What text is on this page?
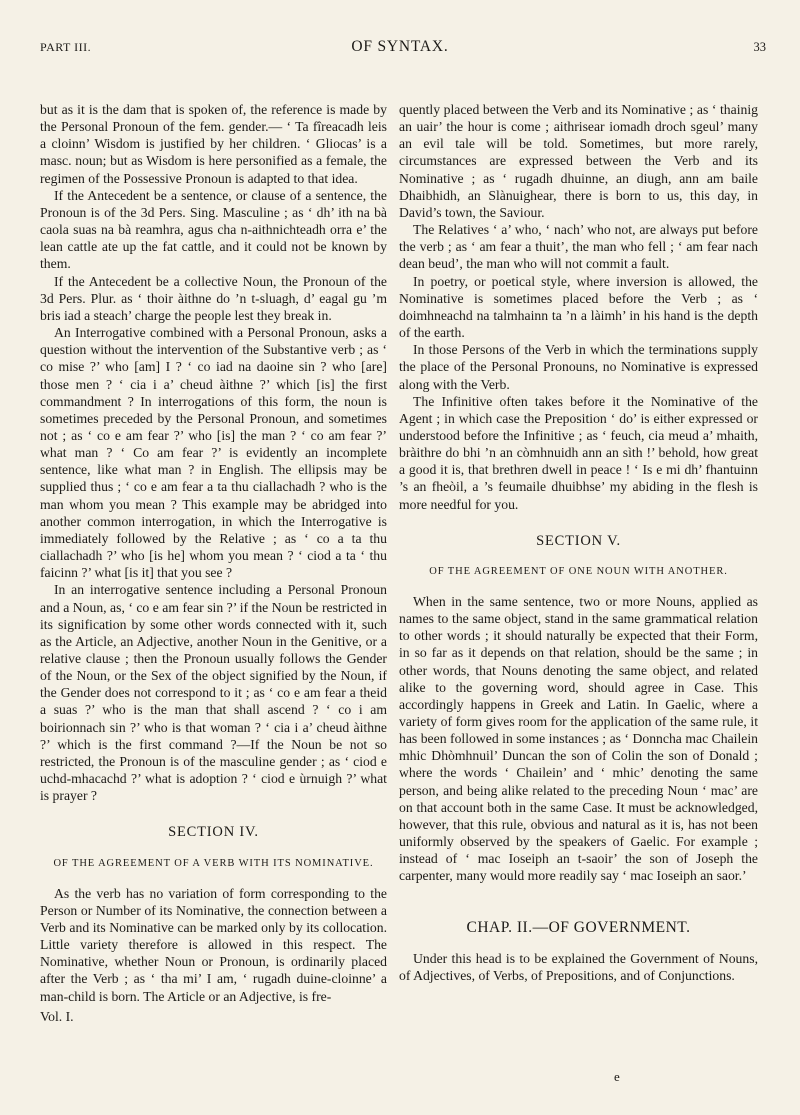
PART III.	OF SYNTAX.	33

but as it is the dam that is spoken of, the reference is made by the Personal Pronoun of the fem. gender.— ‘ Ta fîreacadh leis a cloinn’ Wisdom is justified by her children. ‘ Gliocas’ is a masc. noun; but as Wisdom is here personified as a female, the regimen of the Possessive Pronoun is adapted to that idea.

If the Antecedent be a sentence, or clause of a sentence, the Pronoun is of the 3d Pers. Sing. Masculine ; as ‘ dh’ ith na bà caola suas na bà reamhra, agus cha n-aithnichteadh orra e’ the lean cattle ate up the fat cattle, and it could not be known by them.

If the Antecedent be a collective Noun, the Pronoun of the 3d Pers. Plur. as ‘ thoir àithne do ’n t-sluagh, d’ eagal gu ’m bris iad a steach’ charge the people lest they break in.

An Interrogative combined with a Personal Pronoun, asks a question without the intervention of the Substantive verb ; as ‘ co mise ?’ who [am] I ? ‘ co iad na daoine sin ? who [are] those men ? ‘ cia i a’ cheud àithne ?’ which [is] the first commandment ? In interrogations of this form, the noun is sometimes preceded by the Personal Pronoun, and sometimes not ; as ‘ co e am fear ?’ who [is] the man ? ‘ co am fear ?’ what man ? ‘ Co am fear ?’ is evidently an incomplete sentence, like what man ? in English. The ellipsis may be supplied thus ; ‘ co e am fear a ta thu ciallachadh ? who is the man whom you mean ? This example may be abridged into another common interrogation, in which the Interrogative is immediately followed by the Relative ; as ‘ co a ta thu ciallachadh ?’ who [is he] whom you mean ? ‘ ciod a ta ‘ thu faicinn ?’ what [is it] that you see ?

In an interrogative sentence including a Personal Pronoun and a Noun, as, ‘ co e am fear sin ?’ if the Noun be restricted in its signification by some other words connected with it, such as the Article, an Adjective, another Noun in the Genitive, or a relative clause ; then the Pronoun usually follows the Gender of the Noun, or the Sex of the object signified by the Noun, if the Gender does not correspond to it ; as ‘ co e am fear a theid a suas ?’ who is the man that shall ascend ? ‘ co i am boirionnach sin ?’ who is that woman ? ‘ cia i a’ cheud àithne ?’ which is the first command ?—If the Noun be not so restricted, the Pronoun is of the masculine gender ; as ‘ ciod e uchd-mhacachd ?’ what is adoption ? ‘ ciod e ùrnuigh ?’ what is prayer ?

SECTION IV.
OF THE AGREEMENT OF A VERB WITH ITS NOMINATIVE.

As the verb has no variation of form corresponding to the Person or Number of its Nominative, the connection between a Verb and its Nominative can be marked only by its collocation. Little variety therefore is allowed in this respect. The Nominative, whether Noun or Pronoun, is ordinarily placed after the Verb ; as ‘ tha mi’ I am, ‘ rugadh duine-cloinne’ a man-child is born. The Article or an Adjective, is fre-

Vol. I.

quently placed between the Verb and its Nominative ; as ‘ thainig an uair’ the hour is come ; aithrisear iomadh droch sgeul’ many an evil tale will be told. Sometimes, but more rarely, circumstances are expressed between the Verb and its Nominative ; as ‘ rugadh dhuinne, an diugh, ann am baile Dhaibhidh, an Slànuighear, there is born to us, this day, in David’s town, the Saviour.

The Relatives ‘ a’ who, ‘ nach’ who not, are always put before the verb ; as ‘ am fear a thuit’, the man who fell ; ‘ am fear nach dean beud’, the man who will not commit a fault.

In poetry, or poetical style, where inversion is allowed, the Nominative is sometimes placed before the Verb ; as ‘ doimhneachd na talmhainn ta ’n a làimh’ in his hand is the depth of the earth.

In those Persons of the Verb in which the terminations supply the place of the Personal Pronouns, no Nominative is expressed along with the Verb.

The Infinitive often takes before it the Nominative of the Agent ; in which case the Preposition ‘ do’ is either expressed or understood before the Infinitive ; as ‘ feuch, cia meud a’ mhaith, bràithre do bhi ’n an còmhnuidh ann an sìth !’ behold, how great a good it is, that brethren dwell in peace ! ‘ Is e mi dh’ fhantuinn ’s an fheòil, a ’s feumaile dhuibhse’ my abiding in the flesh is more needful for you.

SECTION V.
OF THE AGREEMENT OF ONE NOUN WITH ANOTHER.

When in the same sentence, two or more Nouns, applied as names to the same object, stand in the same grammatical relation to other words ; it should naturally be expected that their Form, in so far as it depends on that relation, should be the same ; in other words, that Nouns denoting the same object, and related alike to the governing word, should agree in Case. This accordingly happens in Greek and Latin. In Gaelic, where a variety of form gives room for the application of the same rule, it has been followed in some instances ; as ‘ Donncha mac Chailein mhic Dhòmhnuil’ Duncan the son of Colin the son of Donald ; where the words ‘ Chailein’ and ‘ mhic’ denoting the same person, and being alike related to the preceding Noun ‘ mac’ are on that account both in the same Case. It must be acknowledged, however, that this rule, obvious and natural as it is, has not been uniformly observed by the speakers of Gaelic. For example ; instead of ‘ mac Ioseiph an t-saoir’ the son of Joseph the carpenter, many would more readily say ‘ mac Ioseiph an saor.’

CHAP. II.—OF GOVERNMENT.

Under this head is to be explained the Government of Nouns, of Adjectives, of Verbs, of Prepositions, and of Conjunctions.

e
